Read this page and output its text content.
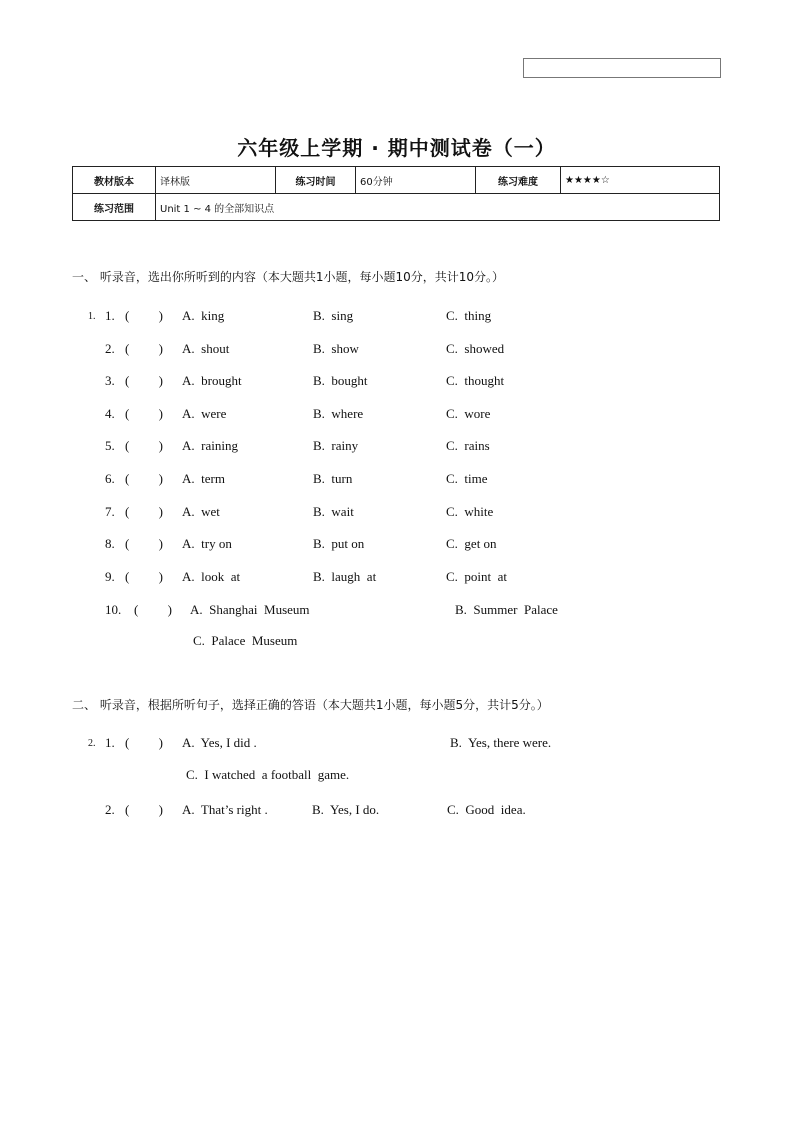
六年级上学期 · 期中测试卷（一）
教材版本	译林版	练习时间	60分钟	练习难度	★★★★☆
练习范围	Unit 1 ~ 4 的全部知识点				
一、 听录音，选出你所听到的内容（本大题共1小题，每小题10分，共计10分。）
1. 1. (         ) A.  king	B.  sing	C.  thing
2. (         ) A.  shout	B.  show	C.  showed
3. (         ) A.  brought	B.  bought	C.  thought
4. (         ) A.  were	B.  where	C.  wore
5. (         ) A.  raining	B.  rainy	C.  rains
6. (         ) A.  term	B.  turn	C.  time
7. (         ) A.  wet	B.  wait	C.  white
8. (         ) A.  try on	B.  put on	C.  get on
9. (         ) A.  look  at	B.  laugh  at	C.  point  at
10. (         ) A.  Shanghai  Museum	B.  Summer  Palace
C.  Palace  Museum
二、 听录音，根据所听句子，选择正确的答语（本大题共1小题，每小题5分，共计5分。）
2. 1. (         ) A.  Yes, I did .	B.  Yes, there were.
C.  I watched  a football  game.
2. (         ) A.  That’s right .	B.  Yes, I do.	C.  Good  idea.
